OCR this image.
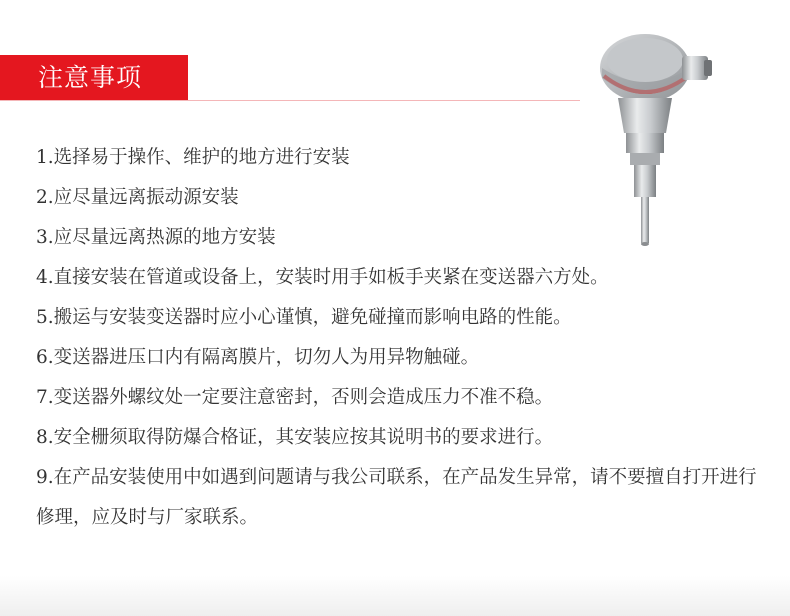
注意事项
1.选择易于操作、维护的地方进行安装
2.应尽量远离振动源安装
3.应尽量远离热源的地方安装
4.直接安装在管道或设备上，安装时用手如板手夹紧在变送器六方处。
5.搬运与安装变送器时应小心谨慎，避免碰撞而影响电路的性能。
6.变送器进压口内有隔离膜片，切勿人为用异物触碰。
7.变送器外螺纹处一定要注意密封，否则会造成压力不准不稳。
8.安全栅须取得防爆合格证，其安装应按其说明书的要求进行。
9.在产品安装使用中如遇到问题请与我公司联系，在产品发生异常，请不要擅自打开进行修理，应及时与厂家联系。
